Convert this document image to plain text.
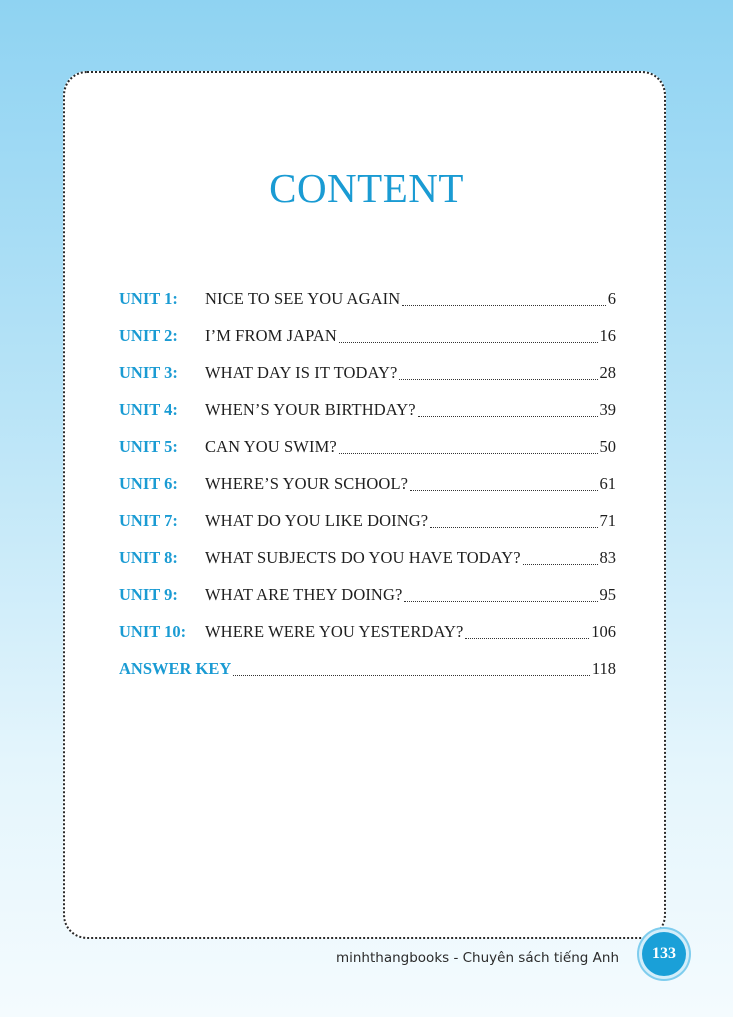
CONTENT
UNIT 1:	NICE TO SEE YOU AGAIN	6
UNIT 2:	I’M FROM JAPAN	16
UNIT 3:	WHAT DAY IS IT TODAY?	28
UNIT 4:	WHEN’S YOUR BIRTHDAY?	39
UNIT 5:	CAN YOU SWIM?	50
UNIT 6:	WHERE’S YOUR SCHOOL?	61
UNIT 7:	WHAT DO YOU LIKE DOING?	71
UNIT 8:	WHAT SUBJECTS DO YOU HAVE TODAY?	83
UNIT 9:	WHAT ARE THEY DOING?	95
UNIT 10:	WHERE WERE YOU YESTERDAY?	106
ANSWER KEY	118
minhthangbooks - Chuyên sách tiếng Anh	133
